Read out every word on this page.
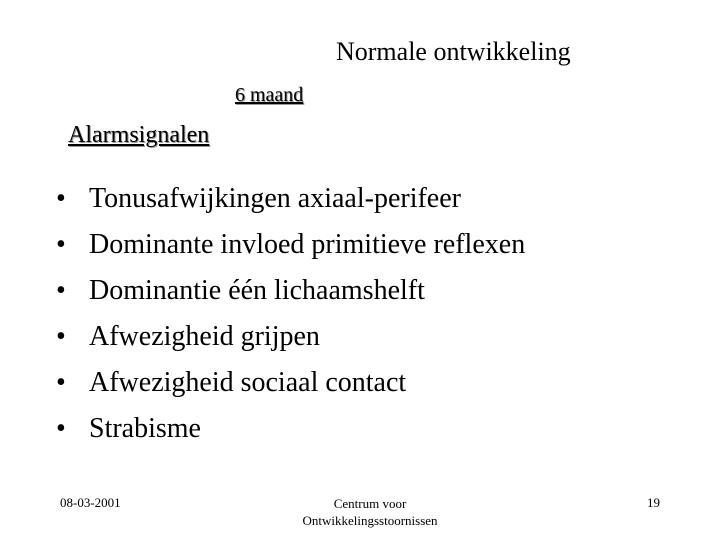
Normale ontwikkeling
6 maand
Alarmsignalen
• Tonusafwijkingen axiaal-perifeer
• Dominante invloed primitieve reflexen
• Dominantie één lichaamshelft
• Afwezigheid grijpen
• Afwezigheid sociaal contact
• Strabisme
08-03-2001	Centrum voor
Ontwikkelingsstoornissen
19
